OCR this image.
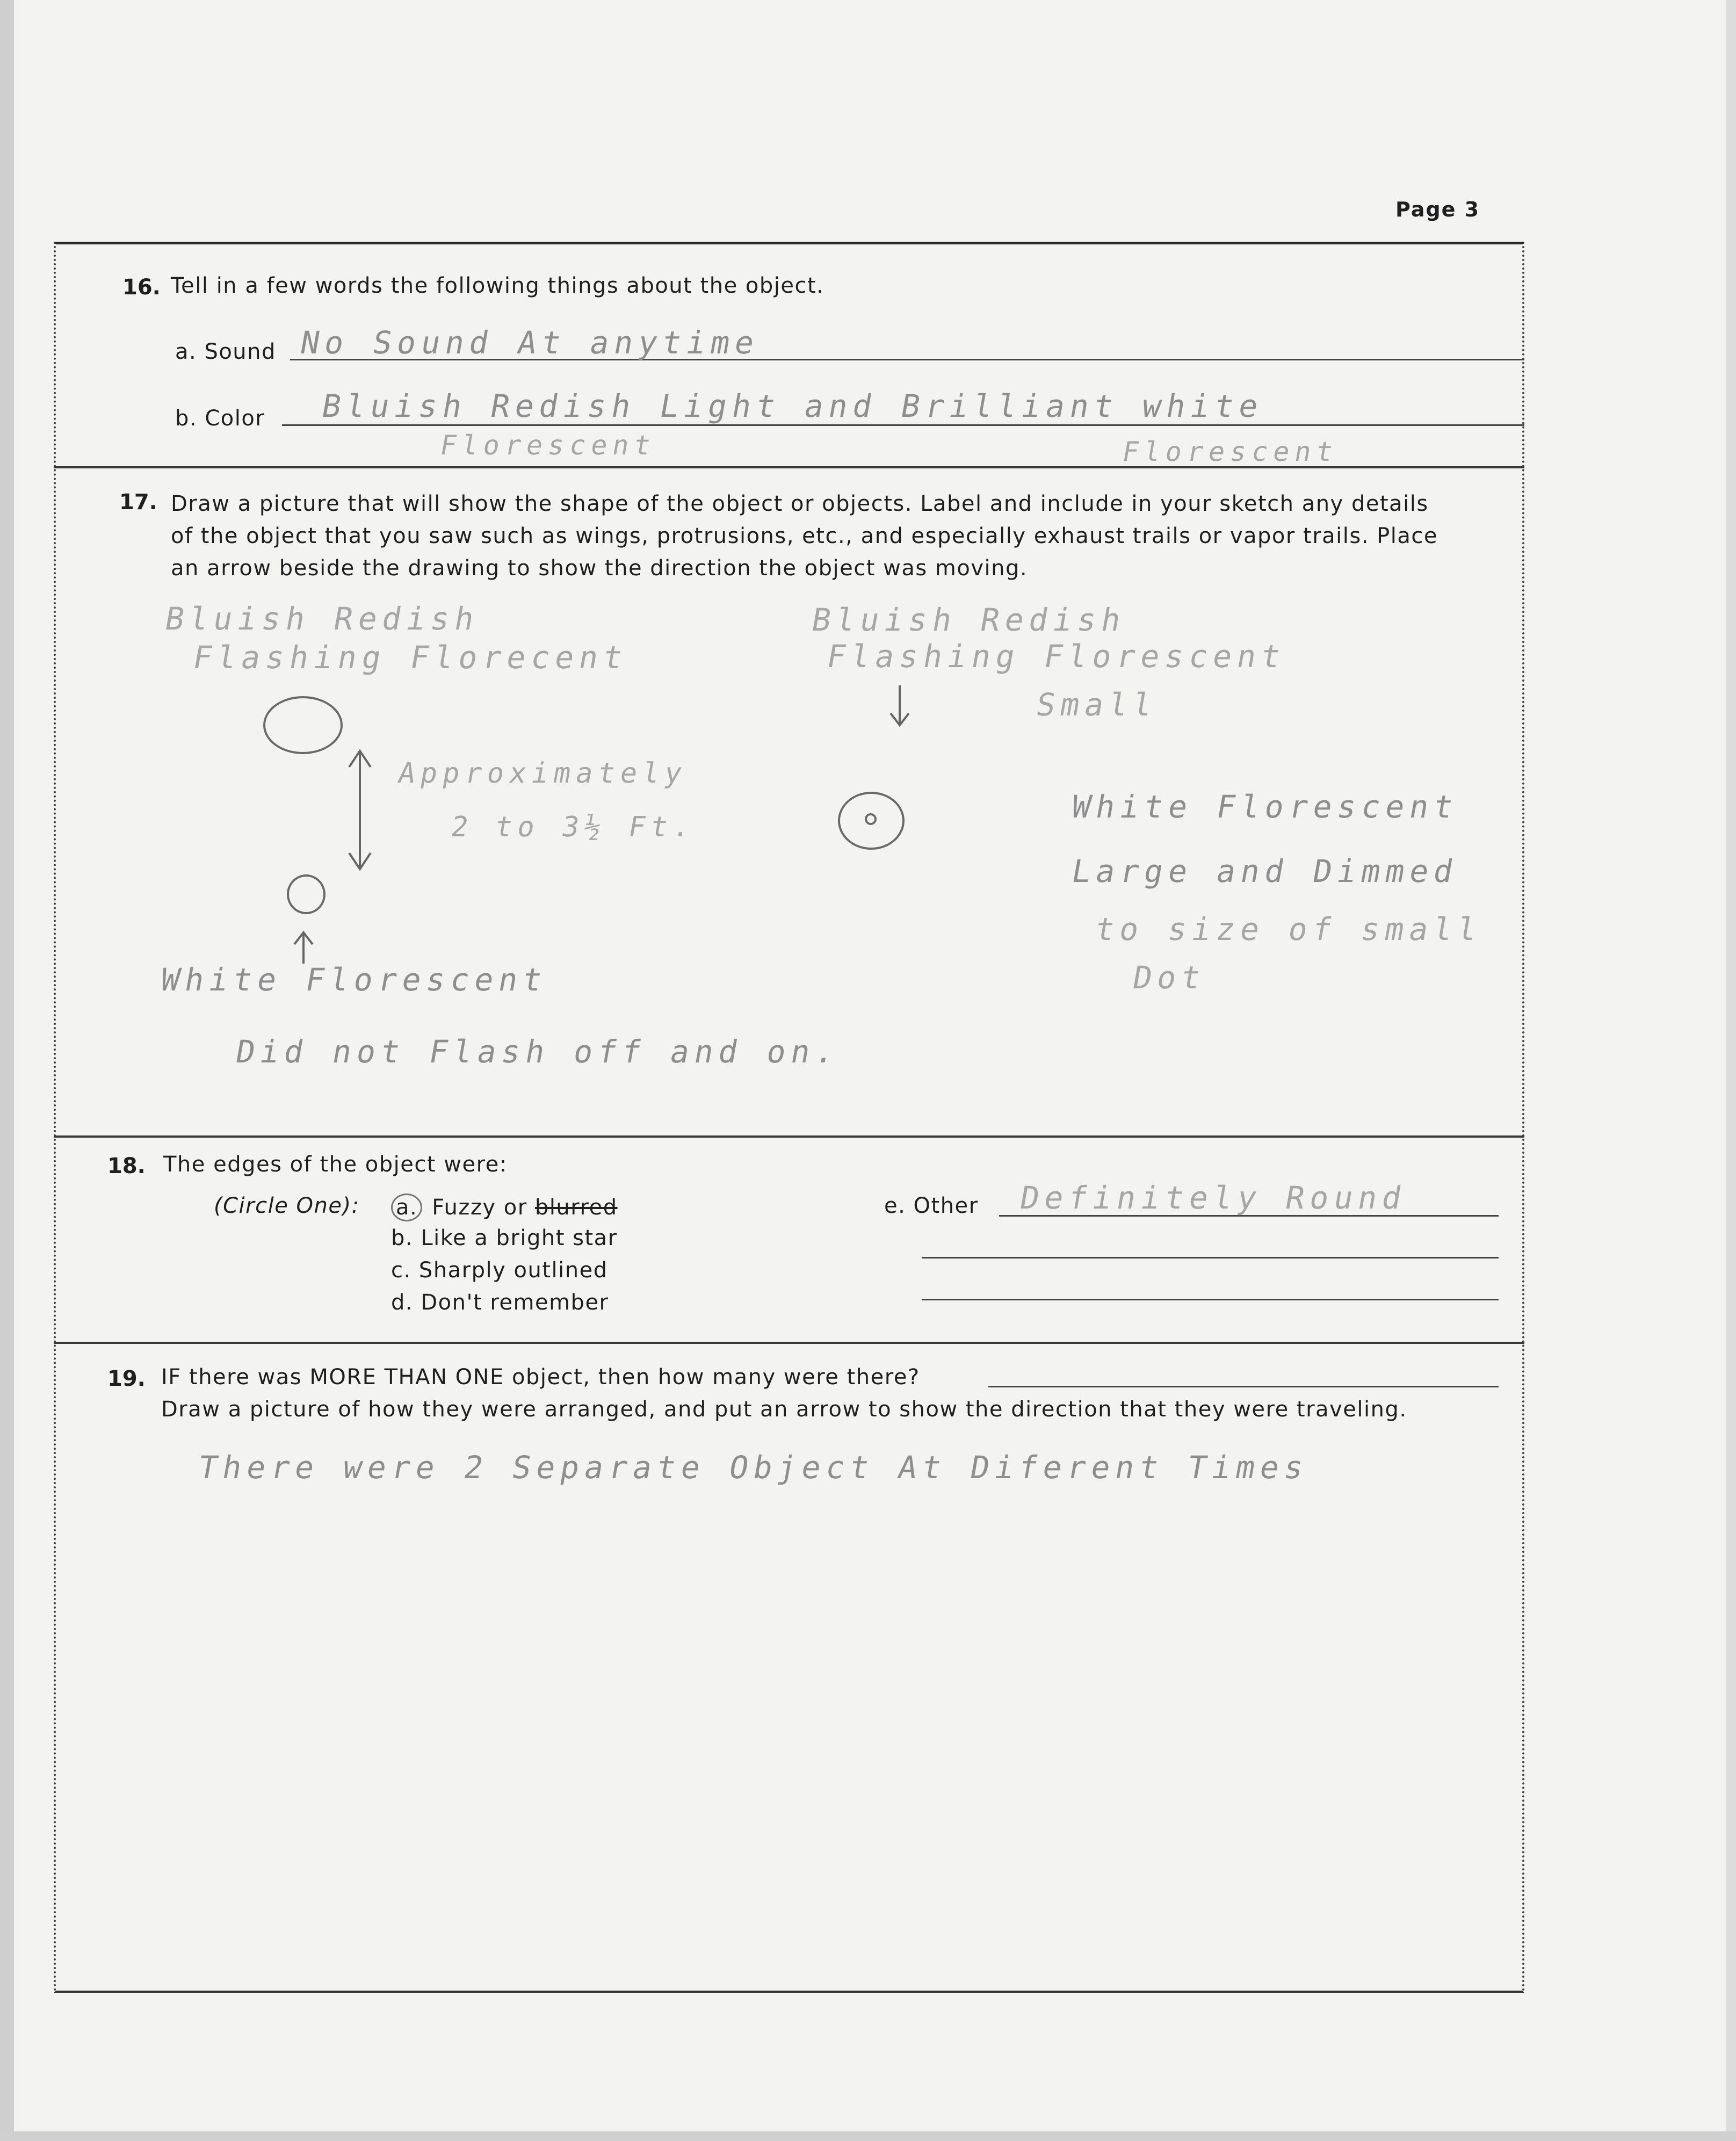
Page 3
16. Tell in a few words the following things about the object.
a. Sound No Sound At anytime
b. Color Bluish Redish Light and Brilliant white
Florescent	Florescent
17. Draw a picture that will show the shape of the object or objects. Label and include in your sketch any details
of the object that you saw such as wings, protrusions, etc., and especially exhaust trails or vapor trails. Place
an arrow beside the drawing to show the direction the object was moving.
Bluish Redish
Flashing Florecent
Approximately
2 to 3½ Ft.
White Florescent
Did not Flash off and on.
Bluish Redish
Flashing Florescent
Small
White Florescent
Large and Dimmed
to size of small
Dot
18. The edges of the object were:
(Circle One): a. Fuzzy or blurred
b. Like a bright star
c. Sharply outlined
d. Don't remember
e. Other Definitely Round
19. IF there was MORE THAN ONE object, then how many were there?
Draw a picture of how they were arranged, and put an arrow to show the direction that they were traveling.
There were 2 Separate Object At Diferent Times
